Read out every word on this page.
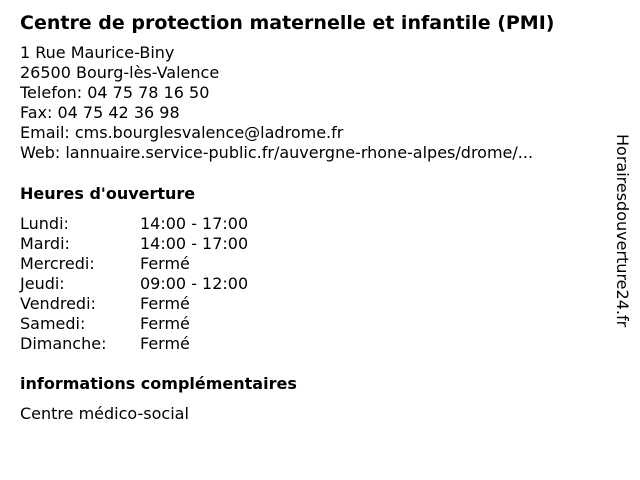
Centre de protection maternelle et infantile (PMI)
1 Rue Maurice-Biny
26500 Bourg-lès-Valence
Telefon: 04 75 78 16 50
Fax: 04 75 42 36 98
Email: cms.bourglesvalence@ladrome.fr
Web: lannuaire.service-public.fr/auvergne-rhone-alpes/drome/...
Heures d'ouverture
Lundi:	14:00 - 17:00
Mardi:	14:00 - 17:00
Mercredi:	Fermé
Jeudi:	09:00 - 12:00
Vendredi:	Fermé
Samedi:	Fermé
Dimanche:	Fermé
informations complémentaires
Centre médico-social
Horairesdouverture24.fr
